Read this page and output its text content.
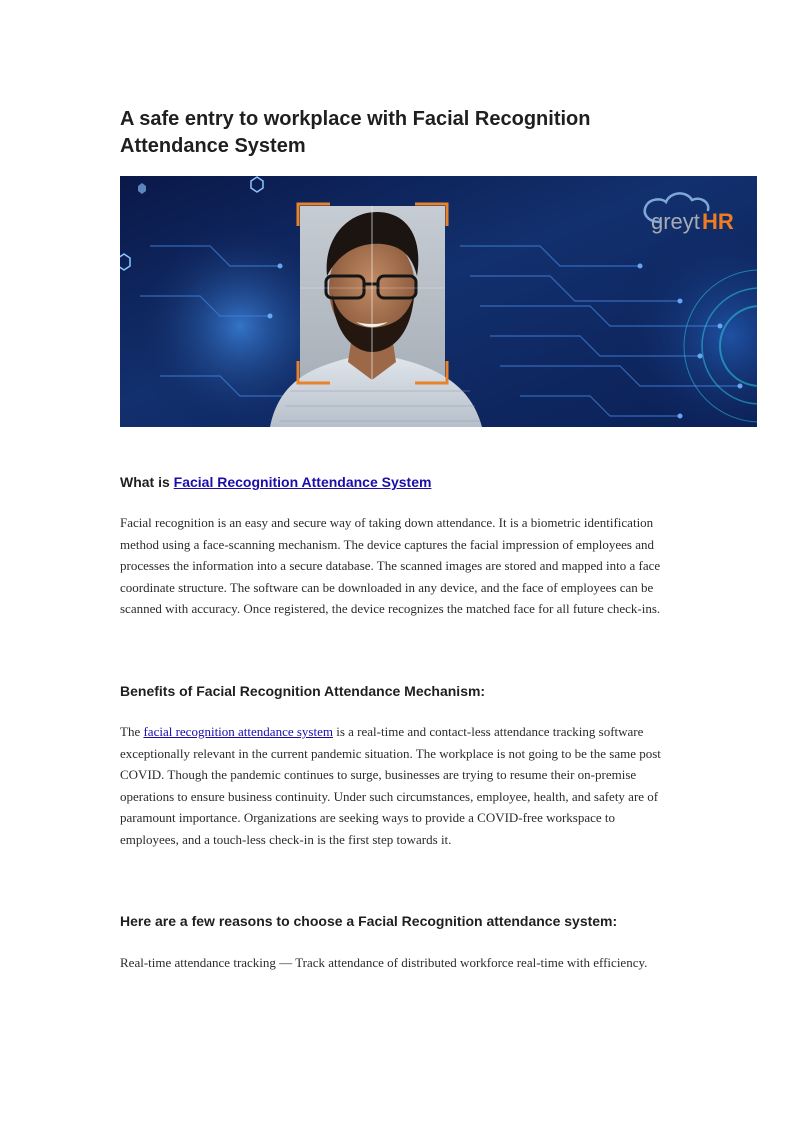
A safe entry to workplace with Facial Recognition Attendance System
greyt HR
What is Facial Recognition Attendance System

Facial recognition is an easy and secure way of taking down attendance. It is a biometric identification method using a face-scanning mechanism. The device captures the facial impression of employees and processes the information into a secure database. The scanned images are stored and mapped into a face coordinate structure. The software can be downloaded in any device, and the face of employees can be scanned with accuracy. Once registered, the device recognizes the matched face for all future check-ins.

Benefits of Facial Recognition Attendance Mechanism:

The facial recognition attendance system is a real-time and contact-less attendance tracking software exceptionally relevant in the current pandemic situation. The workplace is not going to be the same post COVID. Though the pandemic continues to surge, businesses are trying to resume their on-premise operations to ensure business continuity. Under such circumstances, employee, health, and safety are of paramount importance. Organizations are seeking ways to provide a COVID-free workspace to employees, and a touch-less check-in is the first step towards it.

Here are a few reasons to choose a Facial Recognition attendance system:

Real-time attendance tracking — Track attendance of distributed workforce real-time with efficiency.
